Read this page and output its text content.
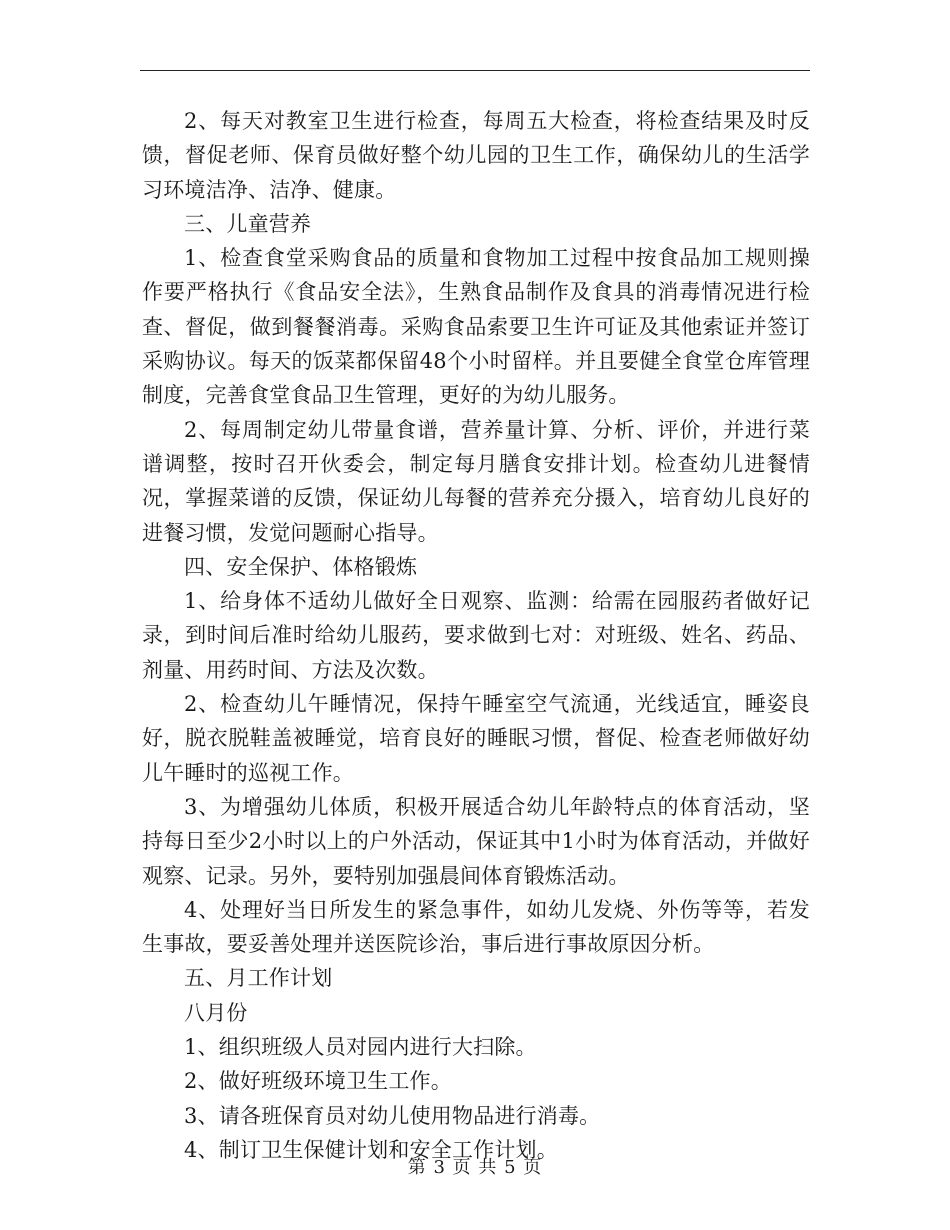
2、每天对教室卫生进行检查，每周五大检查，将检查结果及时反馈，督促老师、保育员做好整个幼儿园的卫生工作，确保幼儿的生活学习环境洁净、洁净、健康。

三、儿童营养

1、检查食堂采购食品的质量和食物加工过程中按食品加工规则操作要严格执行《食品安全法》，生熟食品制作及食具的消毒情况进行检查、督促，做到餐餐消毒。采购食品索要卫生许可证及其他索证并签订采购协议。每天的饭菜都保留48个小时留样。并且要健全食堂仓库管理制度，完善食堂食品卫生管理，更好的为幼儿服务。

2、每周制定幼儿带量食谱，营养量计算、分析、评价，并进行菜谱调整，按时召开伙委会，制定每月膳食安排计划。检查幼儿进餐情况，掌握菜谱的反馈，保证幼儿每餐的营养充分摄入，培育幼儿良好的进餐习惯，发觉问题耐心指导。

四、安全保护、体格锻炼

1、给身体不适幼儿做好全日观察、监测：给需在园服药者做好记录，到时间后准时给幼儿服药，要求做到七对：对班级、姓名、药品、剂量、用药时间、方法及次数。

2、检查幼儿午睡情况，保持午睡室空气流通，光线适宜，睡姿良好，脱衣脱鞋盖被睡觉，培育良好的睡眠习惯，督促、检查老师做好幼儿午睡时的巡视工作。

3、为增强幼儿体质，积极开展适合幼儿年龄特点的体育活动，坚持每日至少2小时以上的户外活动，保证其中1小时为体育活动，并做好观察、记录。另外，要特别加强晨间体育锻炼活动。

4、处理好当日所发生的紧急事件，如幼儿发烧、外伤等等，若发生事故，要妥善处理并送医院诊治，事后进行事故原因分析。

五、月工作计划

八月份

1、组织班级人员对园内进行大扫除。

2、做好班级环境卫生工作。

3、请各班保育员对幼儿使用物品进行消毒。

4、制订卫生保健计划和安全工作计划。

第 3 页 共 5 页
